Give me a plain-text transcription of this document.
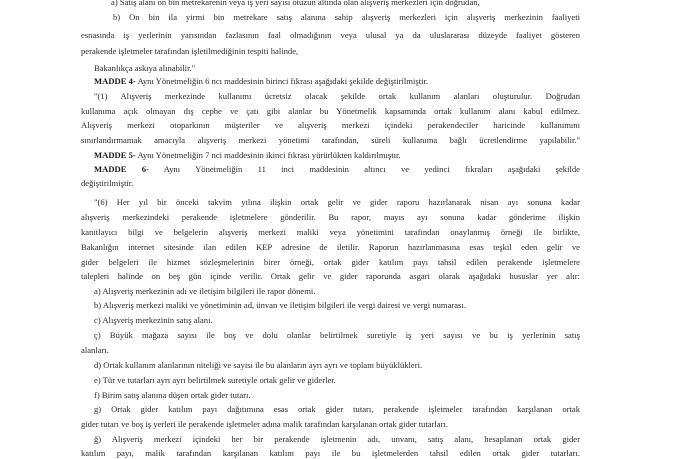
a) Satış alanı on bin metrekarenin veya iş yeri sayısı otuzun altında olan alışveriş merkezleri için doğrudan,
b) On bin ila yirmi bin metrekare satış alanına sahip alışveriş merkezleri için alışveriş merkezinin faaliyeti
esnasında iş yerlerinin yarısından fazlasının faal olmadığının veya ulusal ya da uluslararası düzeyde faaliyet gösteren
perakende işletmeler tarafından işletilmediğinin tespiti halinde,
Bakanlıkça askıya alınabilir."
MADDE 4- Aynı Yönetmeliğin 6 ncı maddesinin birinci fıkrası aşağıdaki şekilde değiştirilmiştir.
"(1) Alışveriş merkezinde kullanımı ücretsiz olacak şekilde ortak kullanım alanları oluşturulur. Doğrudan
kullanıma açık olmayan dış cephe ve çatı gibi alanlar bu Yönetmelik kapsamında ortak kullanım alanı kabul edilmez.
Alışveriş merkezi otoparkının müşteriler ve alışveriş merkezi içindeki perakendeciler haricinde kullanımını
sınırlandırmamak amacıyla alışveriş merkezi yönetimi tarafından, süreli kullanıma bağlı ücretlendirme yapılabilir."
MADDE 5- Aynı Yönetmeliğin 7 nci maddesinin ikinci fıkrası yürürlükten kaldırılmıştır.
MADDE 6- Aynı Yönetmeliğin 11 inci maddesinin altıncı ve yedinci fıkraları aşağıdaki şekilde
değiştirilmiştir.
"(6) Her yıl bir önceki takvim yılına ilişkin ortak gelir ve gider raporu hazırlanarak nisan ayı sonuna kadar
alışveriş merkezindeki perakende işletmelere gönderilir. Bu rapor, mayıs ayı sonuna kadar gönderime ilişkin
kanıtlayıcı bilgi ve belgelerin alışveriş merkezi maliki veya yönetimini tarafından onaylanmış örneği ile birlikte,
Bakanlığın internet sitesinde ilan edilen KEP adresine de iletilir. Raporun hazırlanmasına esas teşkil eden gelir ve
gider belgeleri ile hizmet sözleşmelerinin birer örneği, ortak gider katılım payı tahsil edilen perakende işletmelere
talepleri halinde on beş gün içinde verilir. Ortak gelir ve gider raporunda asgari olarak aşağıdaki hususlar yer alır:
a) Alışveriş merkezinin adı ve iletişim bilgileri ile rapor dönemi.
b) Alışveriş merkezi maliki ve yönetiminin ad, ünvan ve iletişim bilgileri ile vergi dairesi ve vergi numarası.
c) Alışveriş merkezinin satış alanı.
ç) Büyük mağaza sayısı ile boş ve dolu olanlar belirtilmek suretiyle iş yeri sayısı ve bu iş yerlerinin satış
alanları.
d) Ortak kullanım alanlarının niteliği ve sayısı ile bu alanların ayrı ayrı ve toplam büyüklükleri.
e) Tür ve tutarları ayrı ayrı belirtilmek suretiyle ortak gelir ve giderler.
f) Birim satış alanına düşen ortak gider tutarı.
g) Ortak gider katılım payı dağıtımına esas ortak gider tutarı, perakende işletmeler tarafından karşılanan ortak
gider tutarı ve boş iş yerleri ile perakende işletmeler adına malik tarafından karşılanan ortak gider tutarları.
ğ) Alışveriş merkezi içindeki her bir perakende işletmenin adı, unvanı, satış alanı, hesaplanan ortak gider
katılım payı, malik tarafından karşılanan katılım payı ile bu işletmelerden tahsil edilen ortak gider tutarları.
